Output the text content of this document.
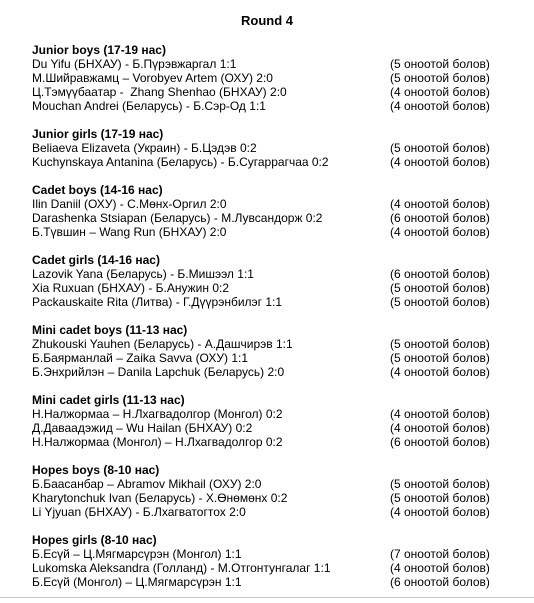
Round 4
Junior boys (17-19 нас)
Du Yifu (БНХАУ) - Б.Пүрэвжаргал 1:1	(5 оноотой болов)
М.Шийравжамц – Vorobyev Artem (ОХУ) 2:0	(5 оноотой болов)
Ц.Тэмүүбаатар -  Zhang Shenhao (БНХАУ) 2:0	(4 оноотой болов)
Mouchan Andrei (Беларусь) - Б.Сэр-Од 1:1	(4 оноотой болов)
Junior girls (17-19 нас)
Beliaeva Elizaveta (Украин) - Б.Цэдэв 0:2	(5 оноотой болов)
Kuchynskaya Antanina (Беларусь) - Б.Сугаррагчаа 0:2	(4 оноотой болов)
Cadet boys (14-16 нас)
Ilin Daniil (ОХУ) - С.Мөнх-Оргил 2:0	(4 оноотой болов)
Darashenka Stsiapan (Беларусь) - М.Лувсандорж 0:2	(6 оноотой болов)
Б.Түвшин – Wang Run (БНХАУ) 2:0	(4 оноотой болов)
Cadet girls (14-16 нас)
Lazovik Yana (Беларусь) - Б.Мишээл 1:1	(6 оноотой болов)
Xia Ruxuan (БНХАУ) - Б.Анужин 0:2	(5 оноотой болов)
Packauskaite Rita (Литва) - Г.Дүүрэнбилэг 1:1	(5 оноотой болов)
Mini cadet boys (11-13 нас)
Zhukouski Yauhen (Беларусь) - А.Дашчирэв 1:1	(5 оноотой болов)
Б.Баярманлай – Zaika Savva (ОХУ) 1:1	(5 оноотой болов)
Б.Энхрийлэн – Danila Lapchuk (Беларусь) 2:0	(4 оноотой болов)
Mini cadet girls (11-13 нас)
Н.Налжормаа – Н.Лхагвадолгор (Монгол) 0:2	(4 оноотой болов)
Д.Даваадэжид – Wu Hailan (БНХАУ) 0:2	(4 оноотой болов)
Н.Налжормаа (Монгол) – Н.Лхагвадолгор 0:2	(6 оноотой болов)
Hopes boys (8-10 нас)
Б.Баасанбар – Abramov Mikhail (ОХУ) 2:0	(5 оноотой болов)
Kharytonchuk Ivan (Беларусь) - Х.Өнөмөнх 0:2	(5 оноотой болов)
Li Yjyuan (БНХАУ) - Б.Лхагватогтох 2:0	(4 оноотой болов)
Hopes girls (8-10 нас)
Б.Есүй – Ц.Мягмарсүрэн (Монгол) 1:1	(7 оноотой болов)
Lukomska Aleksandra (Голланд) - М.Отгонтунгалаг 1:1	(4 оноотой болов)
Б.Есүй (Монгол) – Ц.Мягмарсүрэн 1:1	(6 оноотой болов)
